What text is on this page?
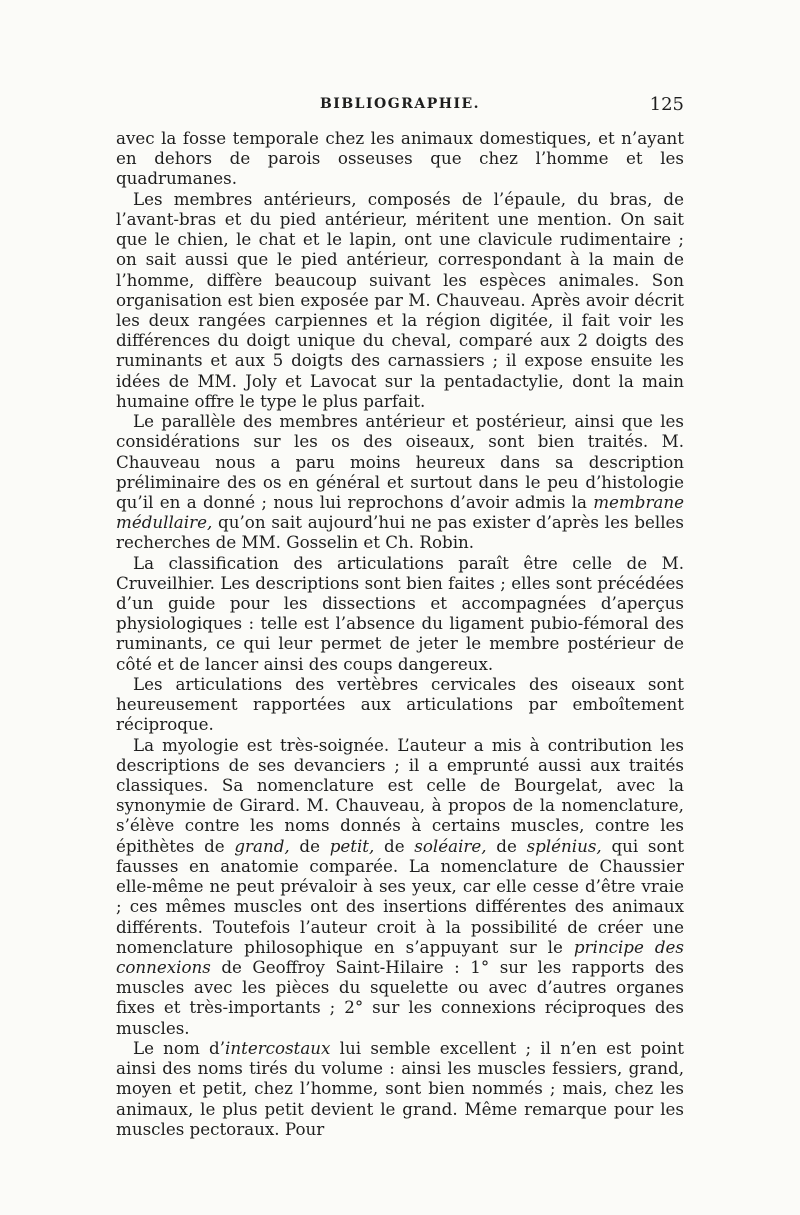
BIBLIOGRAPHIE.	125

avec la fosse temporale chez les animaux domestiques, et n’ayant en dehors de parois osseuses que chez l’homme et les quadrumanes.

Les membres antérieurs, composés de l’épaule, du bras, de l’avant-bras et du pied antérieur, méritent une mention. On sait que le chien, le chat et le lapin, ont une clavicule rudimentaire ; on sait aussi que le pied antérieur, correspondant à la main de l’homme, diffère beaucoup suivant les espèces animales. Son organisation est bien exposée par M. Chauveau. Après avoir décrit les deux rangées carpiennes et la région digitée, il fait voir les différences du doigt unique du cheval, comparé aux 2 doigts des ruminants et aux 5 doigts des carnassiers ; il expose ensuite les idées de MM. Joly et Lavocat sur la pentadactylie, dont la main humaine offre le type le plus parfait.

Le parallèle des membres antérieur et postérieur, ainsi que les considérations sur les os des oiseaux, sont bien traités. M. Chauveau nous a paru moins heureux dans sa description préliminaire des os en général et surtout dans le peu d’histologie qu’il en a donné ; nous lui reprochons d’avoir admis la membrane médullaire, qu’on sait aujourd’hui ne pas exister d’après les belles recherches de MM. Gosselin et Ch. Robin.

La classification des articulations paraît être celle de M. Cruveilhier. Les descriptions sont bien faites ; elles sont précédées d’un guide pour les dissections et accompagnées d’aperçus physiologiques : telle est l’absence du ligament pubio-fémoral des ruminants, ce qui leur permet de jeter le membre postérieur de côté et de lancer ainsi des coups dangereux.

Les articulations des vertèbres cervicales des oiseaux sont heureusement rapportées aux articulations par emboîtement réciproque.

La myologie est très-soignée. L’auteur a mis à contribution les descriptions de ses devanciers ; il a emprunté aussi aux traités classiques. Sa nomenclature est celle de Bourgelat, avec la synonymie de Girard. M. Chauveau, à propos de la nomenclature, s’élève contre les noms donnés à certains muscles, contre les épithètes de grand, de petit, de soléaire, de splénius, qui sont fausses en anatomie comparée. La nomenclature de Chaussier elle-même ne peut prévaloir à ses yeux, car elle cesse d’être vraie ; ces mêmes muscles ont des insertions différentes des animaux différents. Toutefois l’auteur croit à la possibilité de créer une nomenclature philosophique en s’appuyant sur le principe des connexions de Geoffroy Saint-Hilaire : 1° sur les rapports des muscles avec les pièces du squelette ou avec d’autres organes fixes et très-importants ; 2° sur les connexions réciproques des muscles.

Le nom d’intercostaux lui semble excellent ; il n’en est point ainsi des noms tirés du volume : ainsi les muscles fessiers, grand, moyen et petit, chez l’homme, sont bien nommés ; mais, chez les animaux, le plus petit devient le grand. Même remarque pour les muscles pectoraux. Pour
